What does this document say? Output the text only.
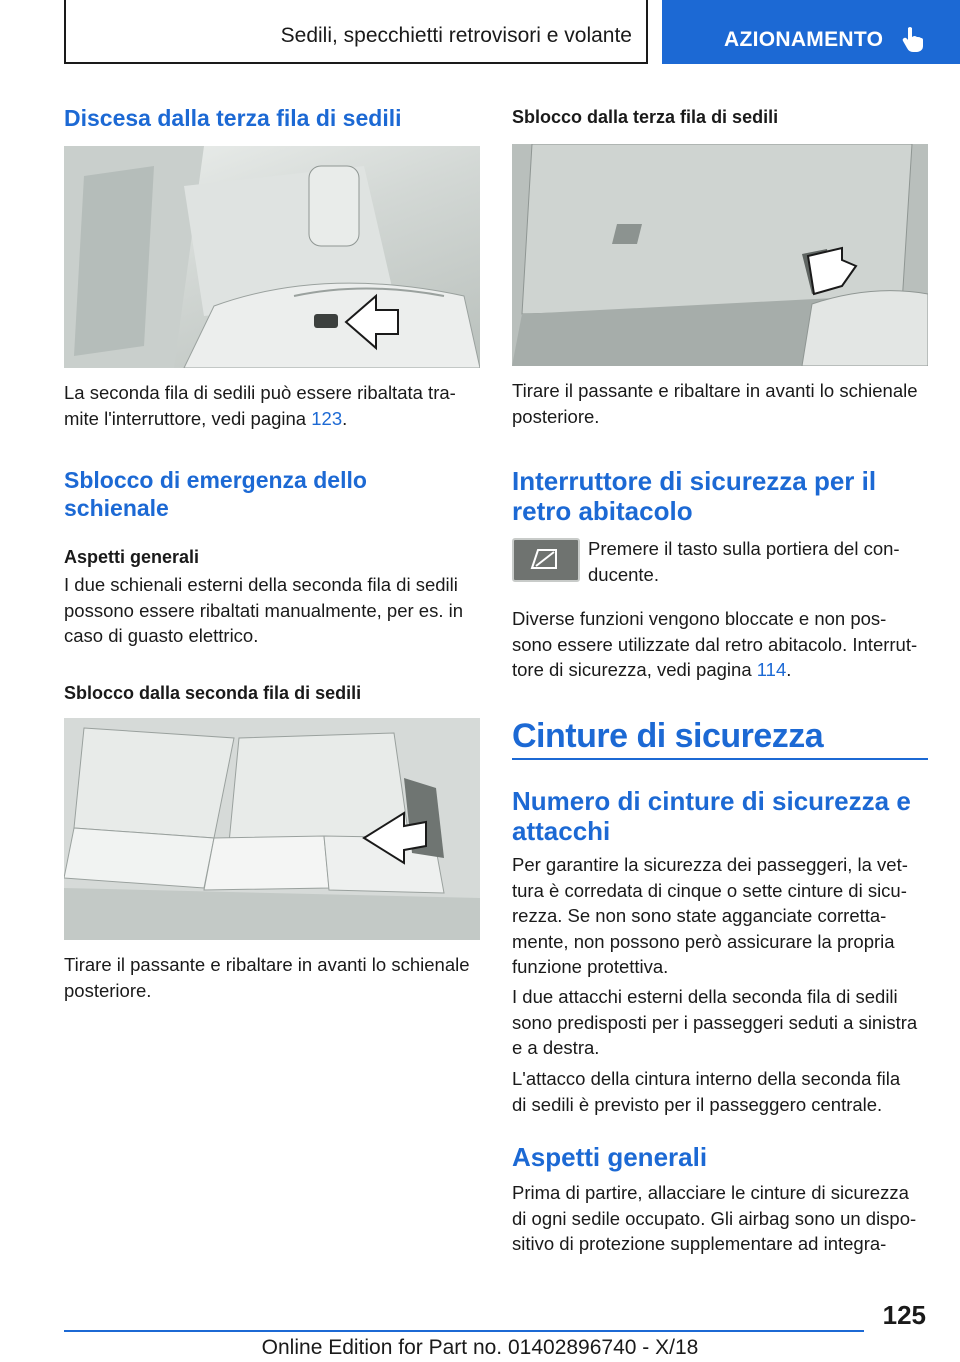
Sedili, specchietti retrovisori e volante	AZIONAMENTO
Discesa dalla terza fila di sedili
La seconda fila di sedili può essere ribaltata tra-
mite l'interruttore, vedi pagina 123.
Sblocco di emergenza dello
schienale
Aspetti generali
I due schienali esterni della seconda fila di sedili
possono essere ribaltati manualmente, per es. in
caso di guasto elettrico.
Sblocco dalla seconda fila di sedili
Tirare il passante e ribaltare in avanti lo schienale
posteriore.
Sblocco dalla terza fila di sedili
Tirare il passante e ribaltare in avanti lo schienale
posteriore.
Interruttore di sicurezza per il
retro abitacolo
Premere il tasto sulla portiera del con-
ducente.
Diverse funzioni vengono bloccate e non pos-
sono essere utilizzate dal retro abitacolo. Interrut-
tore di sicurezza, vedi pagina 114.
Cinture di sicurezza
Numero di cinture di sicurezza e
attacchi
Per garantire la sicurezza dei passeggeri, la vet-
tura è corredata di cinque o sette cinture di sicu-
rezza. Se non sono state agganciate corretta-
mente, non possono però assicurare la propria
funzione protettiva.
I due attacchi esterni della seconda fila di sedili
sono predisposti per i passeggeri seduti a sinistra
e a destra.
L'attacco della cintura interno della seconda fila
di sedili è previsto per il passeggero centrale.
Aspetti generali
Prima di partire, allacciare le cinture di sicurezza
di ogni sedile occupato. Gli airbag sono un dispo-
sitivo di protezione supplementare ad integra-
125
Online Edition for Part no. 01402896740 - X/18
